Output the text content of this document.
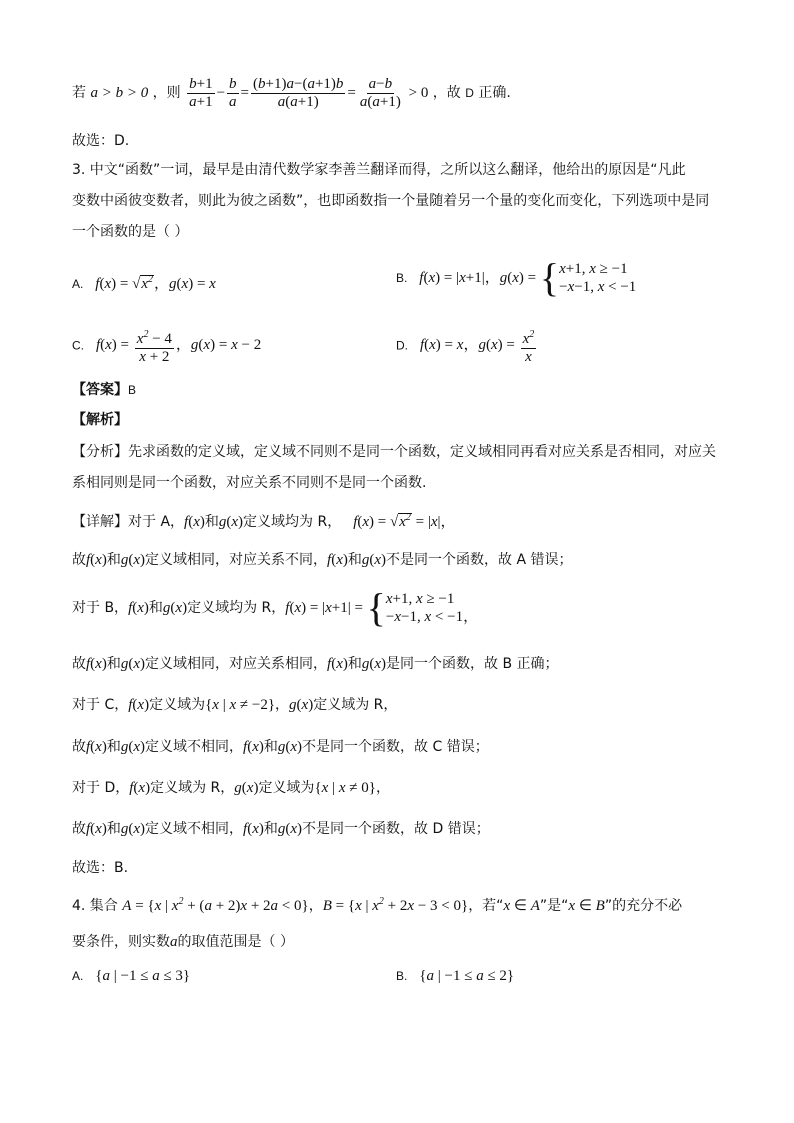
若 a > b > 0 ，则 $\frac{b+1}{a+1} - \frac{b}{a} = \frac{(b+1)a-(a+1)b}{a(a+1)} = \frac{a-b}{a(a+1)} > 0$ ，故 D 正确.
故选：D.
3. 中文“函数”一词，最早是由清代数学家李善兰翻译而得，之所以这么翻译，他给出的原因是“凡此
变数中函彼变数者，则此为彼之函数”，也即函数指一个量随着另一个量的变化而变化，下列选项中是同
一个函数的是（ ）
A.   $f(x) = √x^2$，g(x) = x	B.   f(x) = |x+1|，g(x) = { x+1, x ≥ −1
−x−1, x < −1
C.   $f(x) = \frac{x^2 - 4}{x + 2}$ ，g(x) = x − 2	D.   f(x) = x，$g(x) = \frac{x^2}{x}$
【答案】B
【解析】
【分析】先求函数的定义域，定义域不同则不是同一个函数，定义域相同再看对应关系是否相同，对应关
系相同则是同一个函数，对应关系不同则不是同一个函数.
【详解】对于 A，f(x)和g(x)定义域均为 R，   $f(x) = √x^2 = |x|$，
故f(x)和g(x)定义域相同，对应关系不同，f(x)和g(x)不是同一个函数，故 A 错误；
对于 B，f(x)和g(x)定义域均为 R，f(x) = |x+1| = { x+1, x ≥ −1
−x−1, x < −1，
故f(x)和g(x)定义域相同，对应关系相同，f(x)和g(x)是同一个函数，故 B 正确；
对于 C，f(x)定义域为{x | x ≠ −2}，g(x)定义域为 R，
故f(x)和g(x)定义域不相同，f(x)和g(x)不是同一个函数，故 C 错误；
对于 D，f(x)定义域为 R，g(x)定义域为{x | x ≠ 0}，
故f(x)和g(x)定义域不相同，f(x)和g(x)不是同一个函数，故 D 错误；
故选：B.
4. 集合 A = {x | $x^2 + (a + 2)x + 2a < 0$}，B = {x | $x^2 + 2x - 3 < 0$}，若“x ∈ A”是“x ∈ B”的充分不必
要条件，则实数a的取值范围是（ ）
A. {a | −1 ≤ a ≤ 3}	B. {a | −1 ≤ a ≤ 2}
